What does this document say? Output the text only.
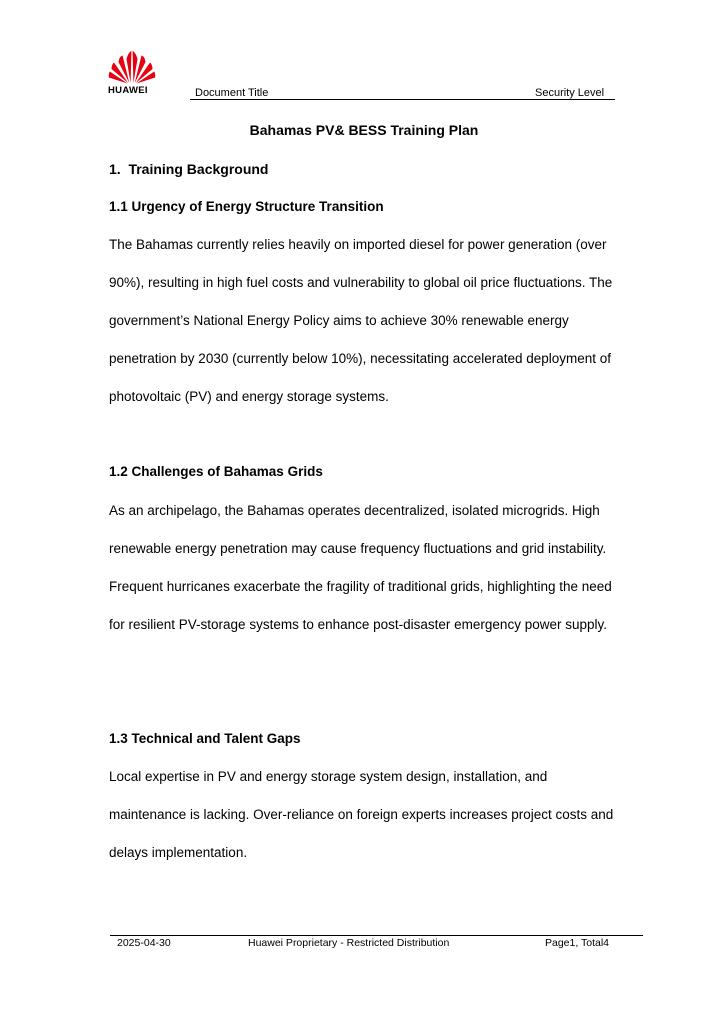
HUAWEI	Document Title	Security Level
Bahamas PV& BESS Training Plan
1.  Training Background
1.1 Urgency of Energy Structure Transition
The Bahamas currently relies heavily on imported diesel for power generation (over 90%), resulting in high fuel costs and vulnerability to global oil price fluctuations. The government’s National Energy Policy aims to achieve 30% renewable energy penetration by 2030 (currently below 10%), necessitating accelerated deployment of photovoltaic (PV) and energy storage systems.
1.2 Challenges of Bahamas Grids
As an archipelago, the Bahamas operates decentralized, isolated microgrids. High renewable energy penetration may cause frequency fluctuations and grid instability. Frequent hurricanes exacerbate the fragility of traditional grids, highlighting the need for resilient PV-storage systems to enhance post-disaster emergency power supply.
1.3 Technical and Talent Gaps
Local expertise in PV and energy storage system design, installation, and maintenance is lacking. Over-reliance on foreign experts increases project costs and delays implementation.
2025-04-30	Huawei Proprietary - Restricted Distribution	Page1, Total4
